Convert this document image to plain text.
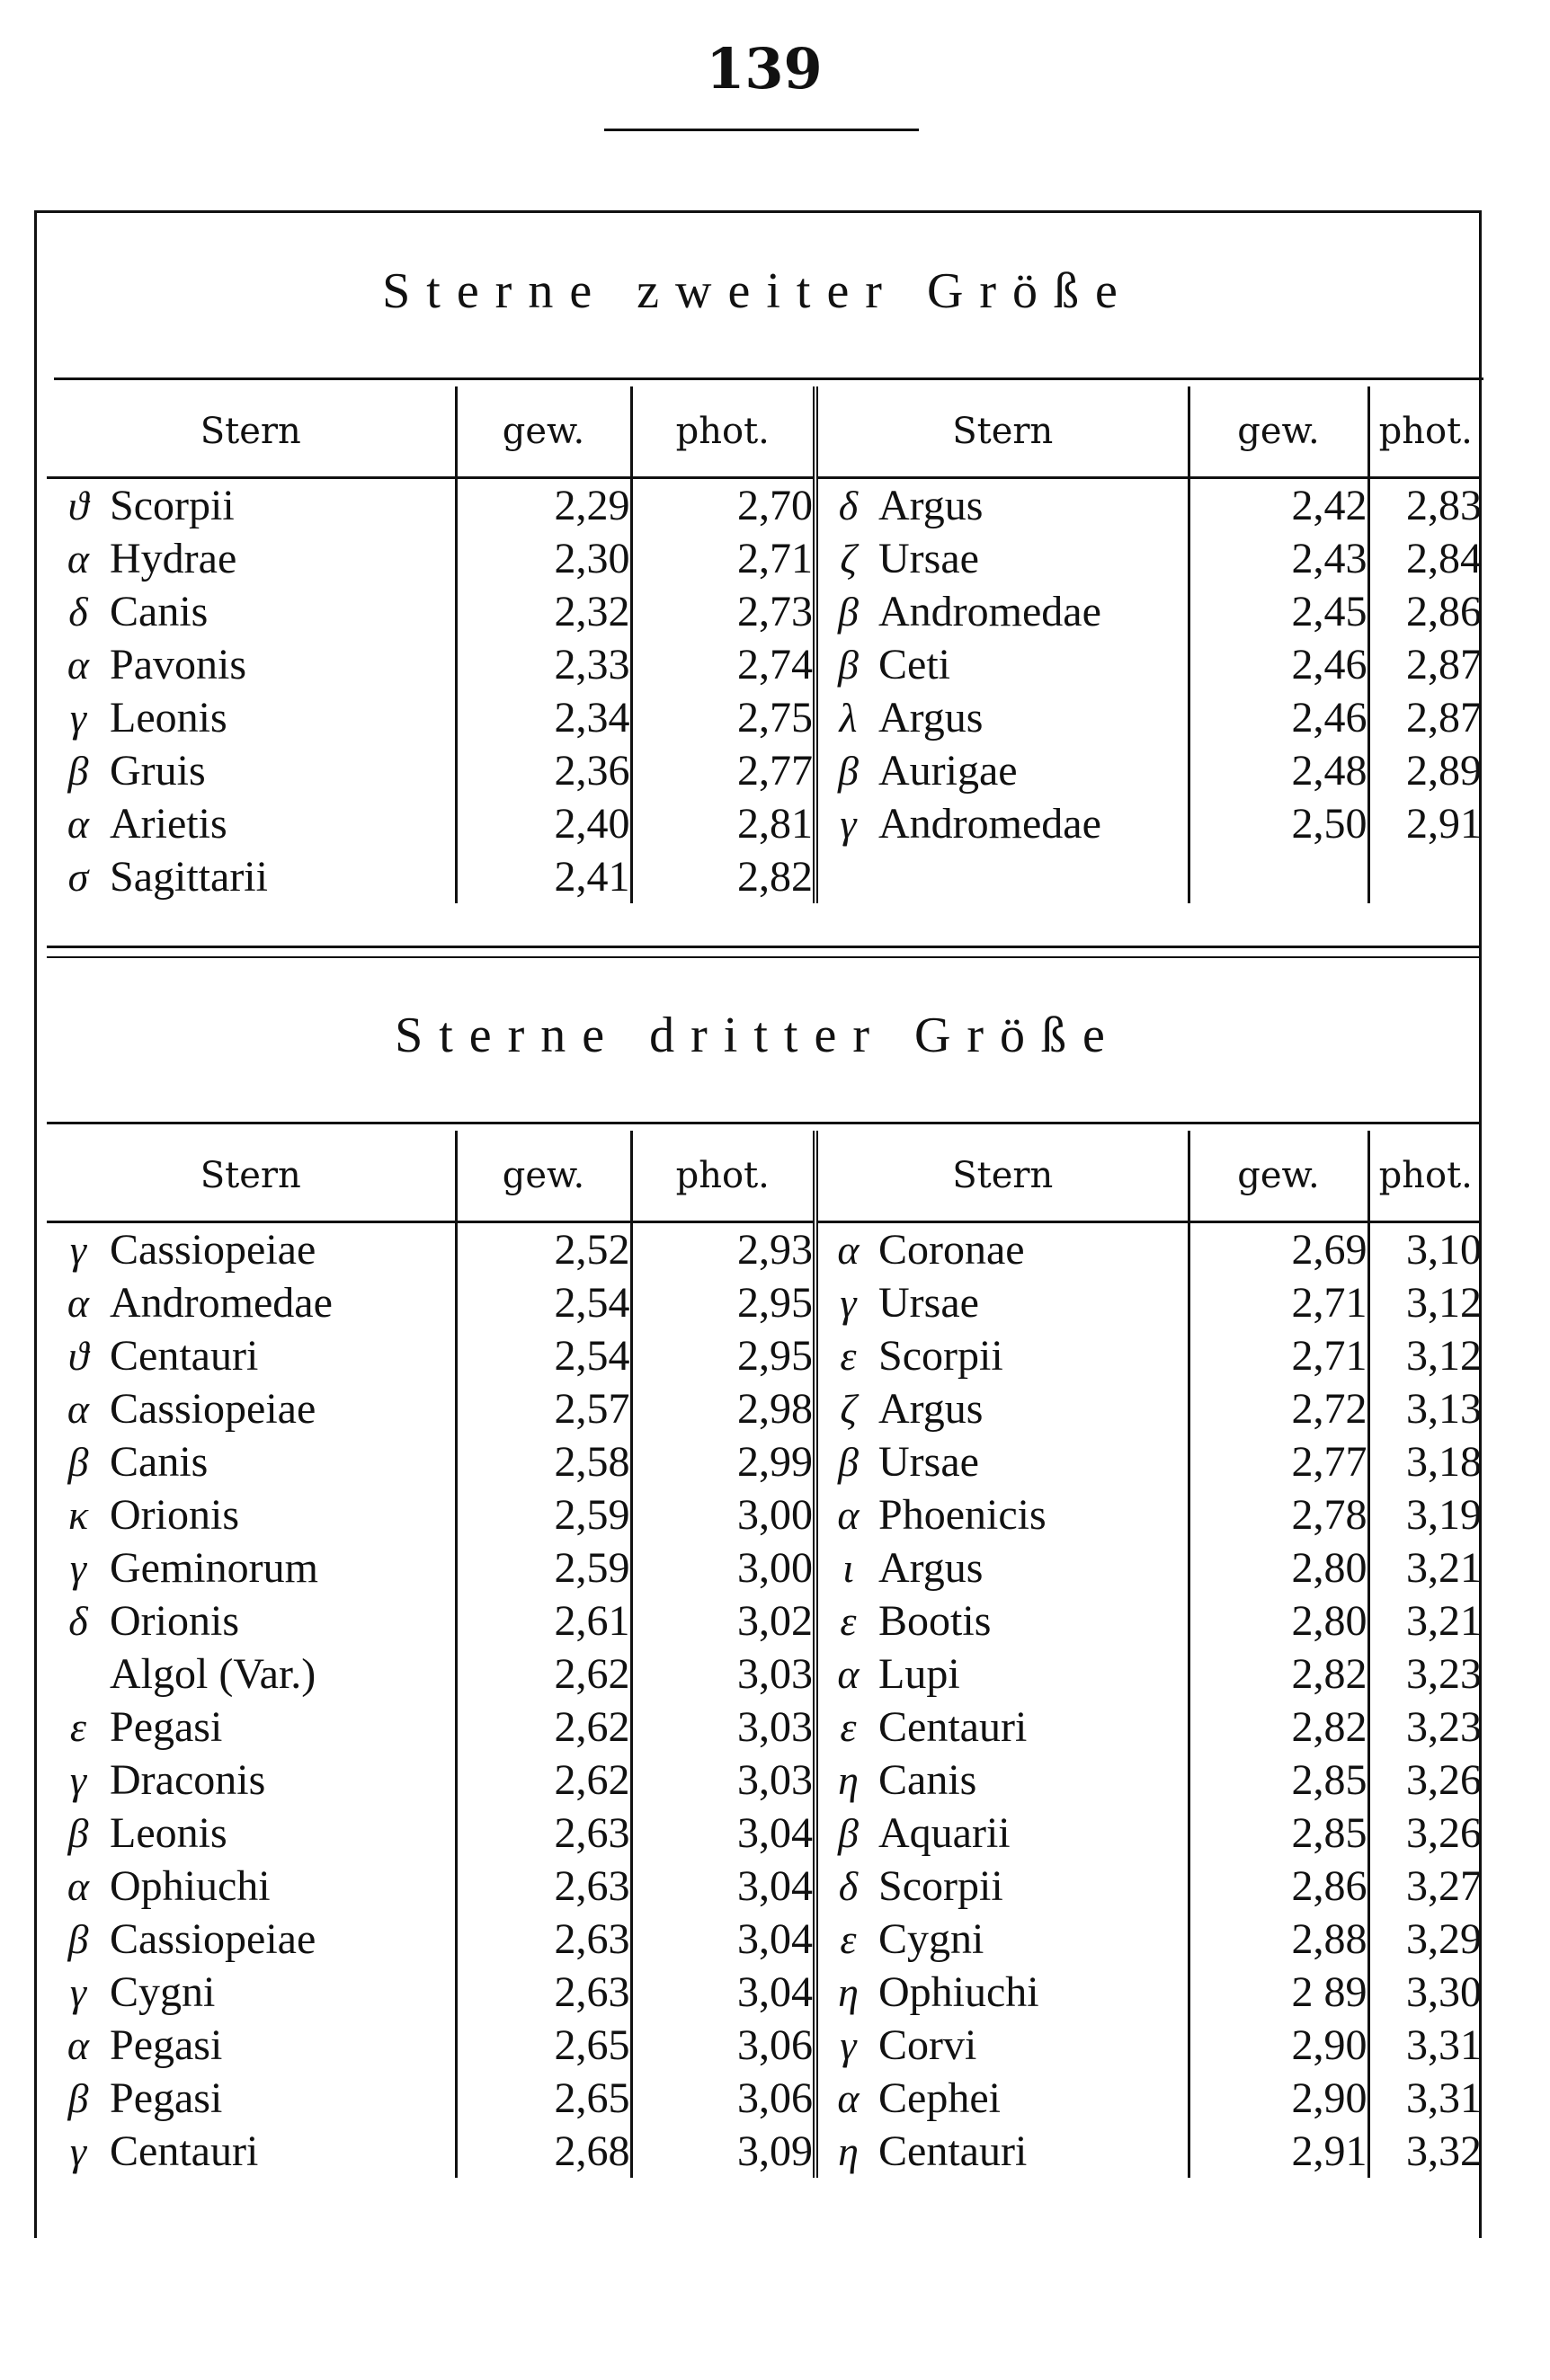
139
Sterne zweiter Größe
Stern		gew.	phot.	Stern		gew.	phot.
ϑ	Scorpii	2,29	2,70	δ	Argus	2,42	2,83
α	Hydrae	2,30	2,71	ζ	Ursae	2,43	2,84
δ	Canis	2,32	2,73	β	Andromedae	2,45	2,86
α	Pavonis	2,33	2,74	β	Ceti	2,46	2,87
γ	Leonis	2,34	2,75	λ	Argus	2,46	2,87
β	Gruis	2,36	2,77	β	Aurigae	2,48	2,89
α	Arietis	2,40	2,81	γ	Andromedae	2,50	2,91
σ	Sagittarii	2,41	2,82				
Sterne dritter Größe
Stern		gew.	phot.	Stern		gew.	phot.
γ	Cassiopeiae	2,52	2,93	α	Coronae	2,69	3,10
α	Andromedae	2,54	2,95	γ	Ursae	2,71	3,12
ϑ	Centauri	2,54	2,95	ε	Scorpii	2,71	3,12
α	Cassiopeiae	2,57	2,98	ζ	Argus	2,72	3,13
β	Canis	2,58	2,99	β	Ursae	2,77	3,18
κ	Orionis	2,59	3,00	α	Phoenicis	2,78	3,19
γ	Geminorum	2,59	3,00	ι	Argus	2,80	3,21
δ	Orionis	2,61	3,02	ε	Bootis	2,80	3,21
	Algol (Var.)	2,62	3,03	α	Lupi	2,82	3,23
ε	Pegasi	2,62	3,03	ε	Centauri	2,82	3,23
γ	Draconis	2,62	3,03	η	Canis	2,85	3,26
β	Leonis	2,63	3,04	β	Aquarii	2,85	3,26
α	Ophiuchi	2,63	3,04	δ	Scorpii	2,86	3,27
β	Cassiopeiae	2,63	3,04	ε	Cygni	2,88	3,29
γ	Cygni	2,63	3,04	η	Ophiuchi	2 89	3,30
α	Pegasi	2,65	3,06	γ	Corvi	2,90	3,31
β	Pegasi	2,65	3,06	α	Cephei	2,90	3,31
γ	Centauri	2,68	3,09	η	Centauri	2,91	3,32
